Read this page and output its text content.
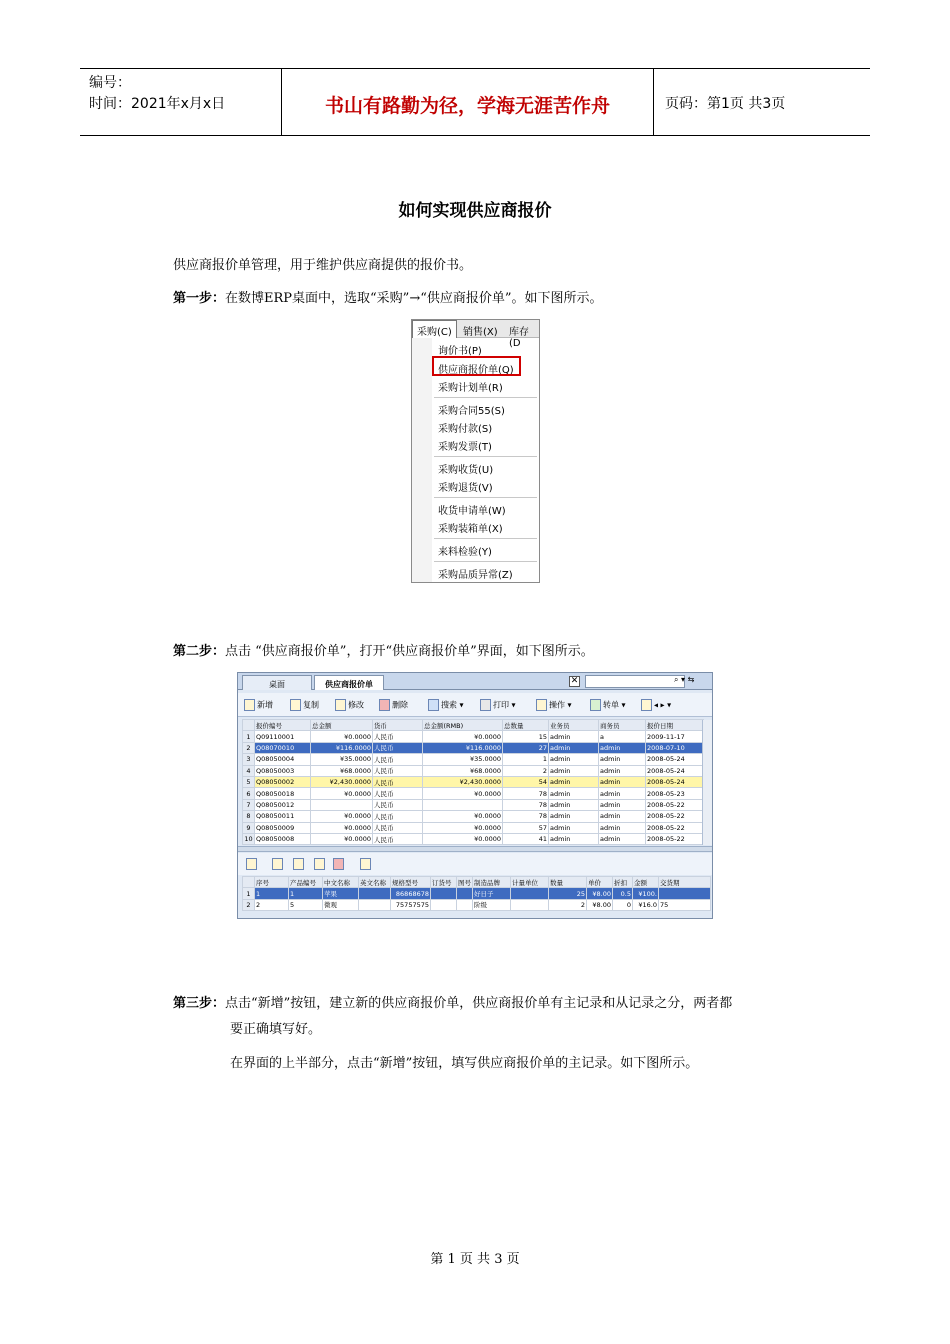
编号：
时间：2021年x月x日	书山有路勤为径，学海无涯苦作舟	页码：第1页 共3页
如何实现供应商报价
供应商报价单管理，用于维护供应商提供的报价书。
第一步：在数博ERP桌面中，选取“采购”→“供应商报价单”。如下图所示。
采购(C)	销售(X) 库存(D
询价书(P)
供应商报价单(Q)
采购计划单(R)
采购合同55(S)
采购付款(S)
采购发票(T)
采购收货(U)
采购退货(V)
收货申请单(W)
采购装箱单(X)
来料检验(Y)
采购品质异常(Z)
第二步：点击 “供应商报价单”，打开“供应商报价单”界面，如下图所示。
桌面	供应商报价单	✕	⌕ ▾ ⇆
新增	复制	修改	删除	搜索 ▾	打印 ▾	操作 ▾	转单 ▾	◂ ▸ ▾
	报价编号	总金额	货币	总金额(RMB)	总数量	业务员	商务员	报价日期
1	Q09110001	¥0.0000	人民币	¥0.0000	15	admin	a	2009-11-17
2	Q08070010	¥116.0000	人民币	¥116.0000	27	admin	admin	2008-07-10
3	Q08050004	¥35.0000	人民币	¥35.0000	1	admin	admin	2008-05-24
4	Q08050003	¥68.0000	人民币	¥68.0000	2	admin	admin	2008-05-24
5	Q08050002	¥2,430.0000	人民币	¥2,430.0000	54	admin	admin	2008-05-24
6	Q08050018	¥0.0000	人民币	¥0.0000	78	admin	admin	2008-05-23
7	Q08050012		人民币		78	admin	admin	2008-05-22
8	Q08050011	¥0.0000	人民币	¥0.0000	78	admin	admin	2008-05-22
9	Q08050009	¥0.0000	人民币	¥0.0000	57	admin	admin	2008-05-22
10	Q08050008	¥0.0000	人民币	¥0.0000	41	admin	admin	2008-05-22
	序号	产品编号	中文名称	英文名称	规格型号	订货号	图号	制造品牌	计量单位	数量	单价	折扣	金额	交货期
1	1	1	苹果		86868678			好日子		25	¥8.00	0.5	¥100.	
2	2	5	微观		75757575			阶级		2	¥8.00	0	¥16.0	75
第三步：点击“新增”按钮，建立新的供应商报价单，供应商报价单有主记录和从记录之分，两者都
要正确填写好。
在界面的上半部分，点击“新增”按钮，填写供应商报价单的主记录。如下图所示。
第 1 页 共 3 页
